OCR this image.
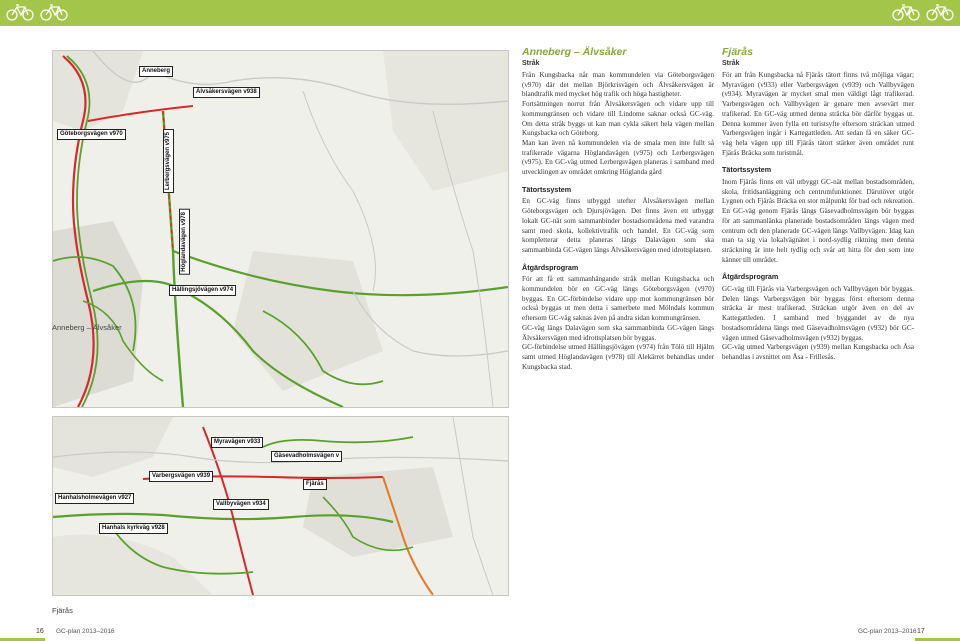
Anneberg
Älvsåkersvägen v938
Göteborgsvägen v970	Lerbergsvägen v975
Höglandavägen v978
Hällingsjövägen v974
Anneberg – Älvsåker
Myravägen v933
Gäsevadholmsvägen v
Varbergsvägen v939
Fjärås
Hanhalsholmevägen v927
Vallbyvägen v934
Hanhals kyrkväg v928
Fjärås
Anneberg – Älvsåker
Stråk

Från Kungsbacka når man kommundelen via Göteborgsvägen (v970) där det mellan Björkrisvägen och Älvsåkersvägen är blandtrafik med mycket hög trafik och höga hastigheter.

Fortsättningen norrut från Älvsåkersvägen och vidare upp till kommungränsen och vidare till Lindome saknar också GC-väg. Om detta stråk byggs ut kan man cykla säkert hela vägen mellan Kungsbacka och Göteborg.

Man kan även nå kommundelen via de smala men inte fullt så trafikerade vägarna Höglandavägen (v975) och Lerbergsvägen (v975). En GC-väg utmed Lerbergsvägen planeras i samband med utvecklingen av området omkring Höglanda gård

Tätortssystem

En GC-väg finns utbyggd utefter Älvsåkersvägen mellan Göteborgsvägen och Djursjövägen. Det finns även ett utbyggt lokalt GC-nät som sammanbinder bostadsområdena med varandra samt med skola, kollektivtrafik och handel. En GC-väg som kompletterar detta planeras längs Dalavägen som ska sammanbinda GC-vägen längs Älvsåkersvägen med idrottsplatsen.

Åtgärdsprogram

För att få ett sammanhängande stråk mellan Kungsbacka och kommundelen bör en GC-väg längs Göteborgsvägen (v970) byggas. En GC-förbindelse vidare upp mot kommungränsen bör också byggas ut men detta i samerbete med Mölndals kommun eftersom GC-väg saknas även på andra sidan kommungränsen.

GC-väg längs Dalavägen som ska sammanbinda GC-vägen längs Älvsåkersvägen med idrottsplatsen bör byggas.

GC-förbindelse utmed Hällingsjövägen (v974) från Tölö till Hjälm samt utmed Höglandavägen (v978) till Alekärret behandlas under Kungsbacka stad.

Fjärås
Stråk

För att från Kungsbacka nå Fjärås tätort finns två möjliga vägar; Myravägen (v933) eller Varbergsvägen (v939) och Vallbyvägen (v934). Myravägen är mycket smal men väldigt lågt trafikerad. Varbergsvägen och Vallbyvägen är genare men avsevärt mer trafikerad. En GC-väg utmed denna sträcka bör därför byggas ut. Denna kommer även fylla ett turistsyfte eftersom sträckan utmed Varbergsvägen ingår i Kattegattleden. Att sedan få en säker GC-väg hela vägen upp till Fjärås tätort stärker även området runt Fjärås Bräcka som turistmål.

Tätortssystem

Inom Fjärås finns ett väl utbyggt GC-nät mellan bostadsområden, skola, fritidsanläggning och centrumfunktioner. Därutöver utgör Lygnen och Fjärås Bräcka en stor målpunkt för bad och rekreation. En GC-väg genom Fjärås längs Gäsevadholmsvägen bör byggas för att sammanlänka planerade bostadsområden längs vägen med centrum och den planerade GC-vägen längs Vallbyvägen. Idag kan man ta sig via lokalvägnätet i nord-sydlig riktning men denna sträckning är inte helt tydlig och svår att hitta för den som inte känner till området.

Åtgärdsprogram

GC-väg till Fjärås via Varbergsvägen och Vallbyvägen bör byggas. Delen längs Varbergsvägen bör byggas först eftersom denna sträcka är mest trafikerad. Sträckan utgör även en del av Kattegattleden. I samband med byggandet av de nya bostadsområdena längs med Gäsevadholmsvägen (v932) bör GC-vägen utmed Gäsevadholmsvägen (v932) byggas.

GC-väg utmed Varbergsvägen (v939) mellan Kungsbacka och Åsa behandlas i avsnittet om Åsa - Frillesås.

16 GC-plan 2013–2016	GC-plan 2013–2016 17
